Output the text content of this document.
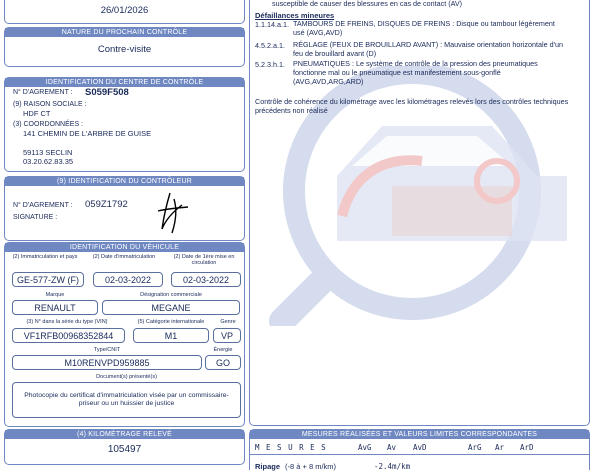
26/01/2026
NATURE DU PROCHAIN CONTRÔLE
Contre-visite
IDENTIFICATION DU CENTRE DE CONTRÔLE
N° D'AGREMENT : S059F508
(9) RAISON SOCIALE :
HDF CT
(3) COORDONNÉES :
141 CHEMIN DE L'ARBRE DE GUISE
59113 SECLIN
03.20.62.83.35
(9) IDENTIFICATION DU CONTRÔLEUR
N° D'AGREMENT : 059Z1792
SIGNATURE :
IDENTIFICATION DU VÉHICULE
(2) Immatriculation et pays	(2) Date d'immatriculation	(2) Date de 1ère mise en circulation
GE-577-ZW (F)	02-03-2022	02-03-2022
Marque	Désignation commerciale
RENAULT	MEGANE
(3) N° dans la série du type (VIN)	(5) Catégorie internationale	Genre
VF1RFB00968352844	M1	VP
Type/CNIT	Énergie
M10RENVPD959885	GO
Document(s) présenté(s)
Photocopie du certificat d'immatriculation visée par un commissaire-priseur ou un huissier de justice
(4) KILOMÉTRAGE RELEVÉ
105497
susceptible de causer des blessures en cas de contact (AV)
Défaillances mineures
1.1.14.a.1. TAMBOURS DE FREINS, DISQUES DE FREINS : Disque ou tambour légèrement usé (AVG,AVD)
4.5.2.a.1.	RÉGLAGE (FEUX DE BROUILLARD AVANT) : Mauvaise orientation horizontale d'un feu de brouillard avant (D)
5.2.3.h.1.	PNEUMATIQUES : Le système de contrôle de la pression des pneumatiques fonctionne mal ou le pneumatique est manifestement sous-gonflé (AVG,AVD,ARG,ARD)
Contrôle de cohérence du kilométrage avec les kilométrages relevés lors des contrôles techniques précédents non réalisé
MESURES RÉALISÉES ET VALEURS LIMITES CORRESPONDANTES
M E S U R E S	AvG Av AvD	ArG Ar ArD
Ripage (-8 à + 8 m/km)	-2.4m/km
